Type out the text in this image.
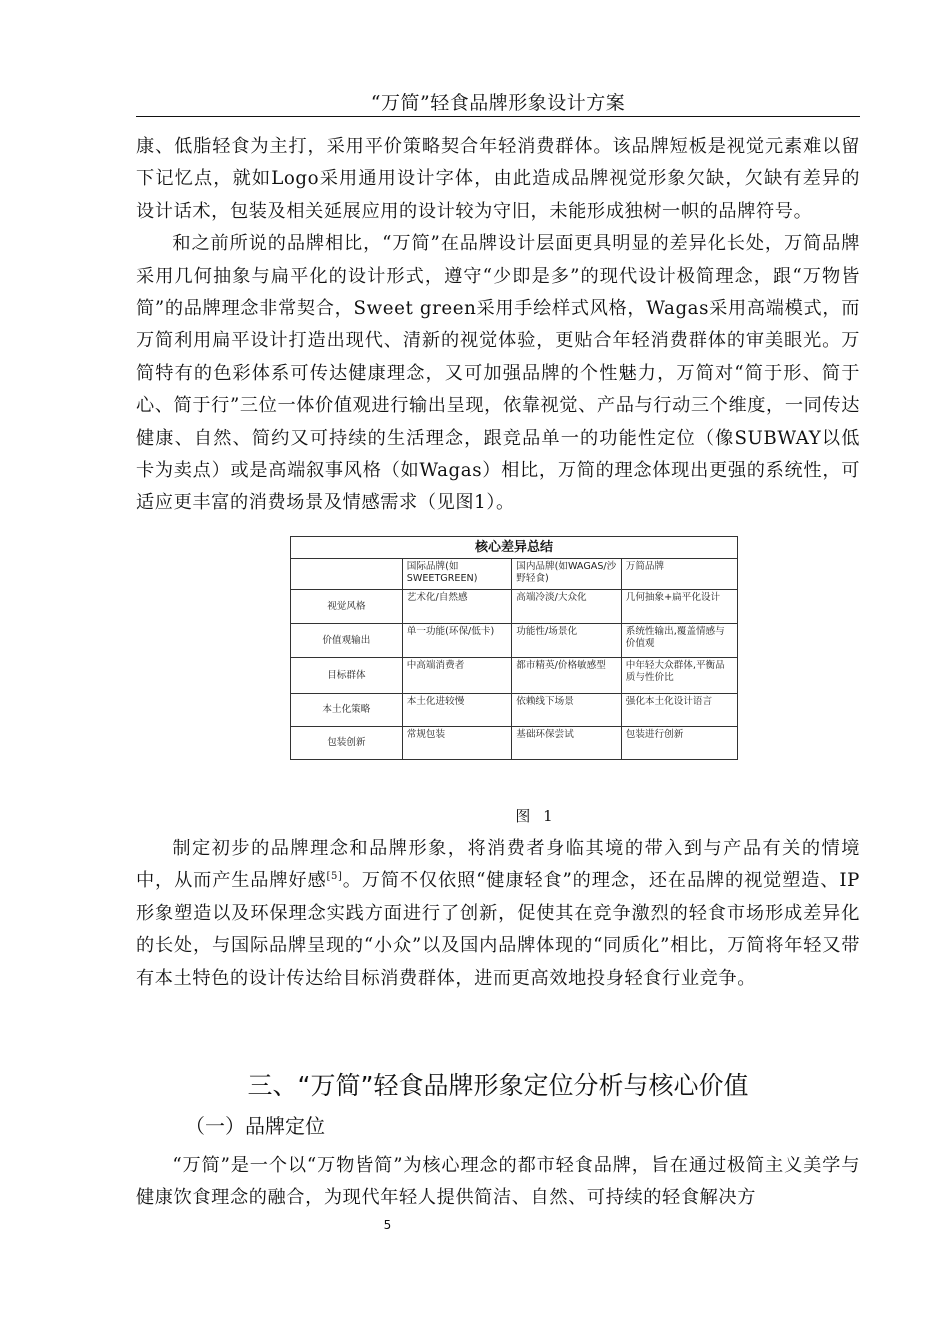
“万简”轻食品牌形象设计方案

康、低脂轻食为主打，采用平价策略契合年轻消费群体。该品牌短板是视觉元素难以留下记忆点，就如Logo采用通用设计字体，由此造成品牌视觉形象欠缺，欠缺有差异的设计话术，包装及相关延展应用的设计较为守旧，未能形成独树一帜的品牌符号。

和之前所说的品牌相比，“万简”在品牌设计层面更具明显的差异化长处，万简品牌采用几何抽象与扁平化的设计形式，遵守“少即是多”的现代设计极简理念，跟“万物皆简”的品牌理念非常契合，Sweet green采用手绘样式风格，Wagas采用高端模式，而万简利用扁平设计打造出现代、清新的视觉体验，更贴合年轻消费群体的审美眼光。万简特有的色彩体系可传达健康理念，又可加强品牌的个性魅力，万简对“简于形、简于心、简于行”三位一体价值观进行输出呈现，依靠视觉、产品与行动三个维度，一同传达健康、自然、简约又可持续的生活理念，跟竞品单一的功能性定位（像SUBWAY以低卡为卖点）或是高端叙事风格（如Wagas）相比，万简的理念体现出更强的系统性，可适应更丰富的消费场景及情感需求（见图1）。

核心差异总结
	国际品牌(如SWEETGREEN)	国内品牌(如WAGAS/沙野轻食)	万简品牌
视觉风格	艺术化/自然感	高端冷淡/大众化	几何抽象+扁平化设计
价值观输出	单一功能(环保/低卡)	功能性/场景化	系统性输出,覆盖情感与价值观
目标群体	中高端消费者	都市精英/价格敏感型	中年轻大众群体,平衡品质与性价比
本土化策略	本土化进较慢	依赖线下场景	强化本土化设计语言
包装创新	常规包装	基础环保尝试	包装进行创新
图 1

制定初步的品牌理念和品牌形象，将消费者身临其境的带入到与产品有关的情境中，从而产生品牌好感[5]。万简不仅依照“健康轻食”的理念，还在品牌的视觉塑造、IP形象塑造以及环保理念实践方面进行了创新，促使其在竞争激烈的轻食市场形成差异化的长处，与国际品牌呈现的“小众”以及国内品牌体现的“同质化”相比，万简将年轻又带有本土特色的设计传达给目标消费群体，进而更高效地投身轻食行业竞争。

三、“万简”轻食品牌形象定位分析与核心价值
（一）品牌定位

“万简”是一个以“万物皆简”为核心理念的都市轻食品牌，旨在通过极简主义美学与健康饮食理念的融合，为现代年轻人提供简洁、自然、可持续的轻食解决方

5
